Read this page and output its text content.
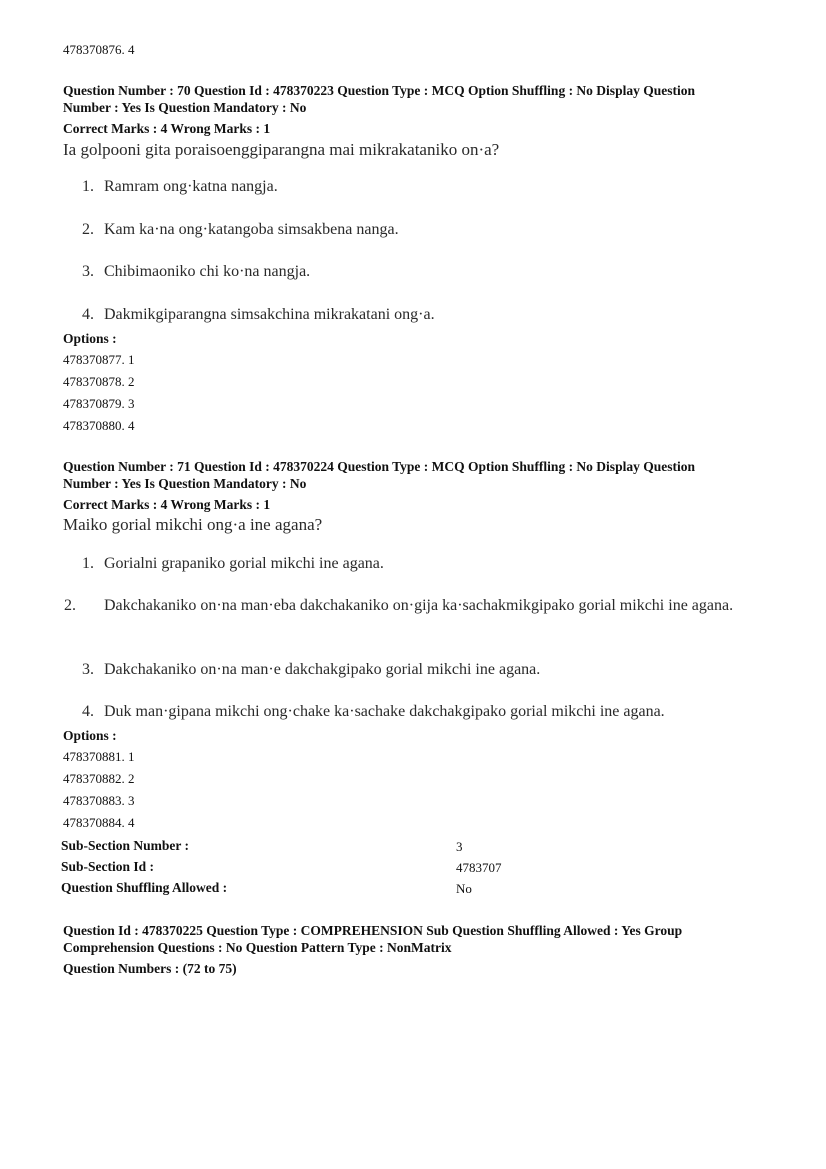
478370876. 4
Question Number : 70 Question Id : 478370223 Question Type : MCQ Option Shuffling : No Display Question
Number : Yes Is Question Mandatory : No
Correct Marks : 4 Wrong Marks : 1
Ia golpooni gita poraisoenggiparangna mai mikrakataniko on·a?
1. Ramram ong·katna nangja.
2. Kam ka·na ong·katangoba simsakbena nanga.
3. Chibimaoniko chi ko·na nangja.
4. Dakmikgiparangna simsakchina mikrakatani ong·a.
Options :
478370877. 1
478370878. 2
478370879. 3
478370880. 4
Question Number : 71 Question Id : 478370224 Question Type : MCQ Option Shuffling : No Display Question
Number : Yes Is Question Mandatory : No
Correct Marks : 4 Wrong Marks : 1
Maiko gorial mikchi ong·a ine agana?
1. Gorialni grapaniko gorial mikchi ine agana.
2. Dakchakaniko on·na man·eba dakchakaniko on·gija ka·sachakmikgipako gorial mikchi ine agana.
3. Dakchakaniko on·na man·e dakchakgipako gorial mikchi ine agana.
4. Duk man·gipana mikchi ong·chake ka·sachake dakchakgipako gorial mikchi ine agana.
Options :
478370881. 1
478370882. 2
478370883. 3
478370884. 4
Sub-Section Number :	3
Sub-Section Id :	4783707
Question Shuffling Allowed :	No
Question Id : 478370225 Question Type : COMPREHENSION Sub Question Shuffling Allowed : Yes Group
Comprehension Questions : No Question Pattern Type : NonMatrix
Question Numbers : (72 to 75)
